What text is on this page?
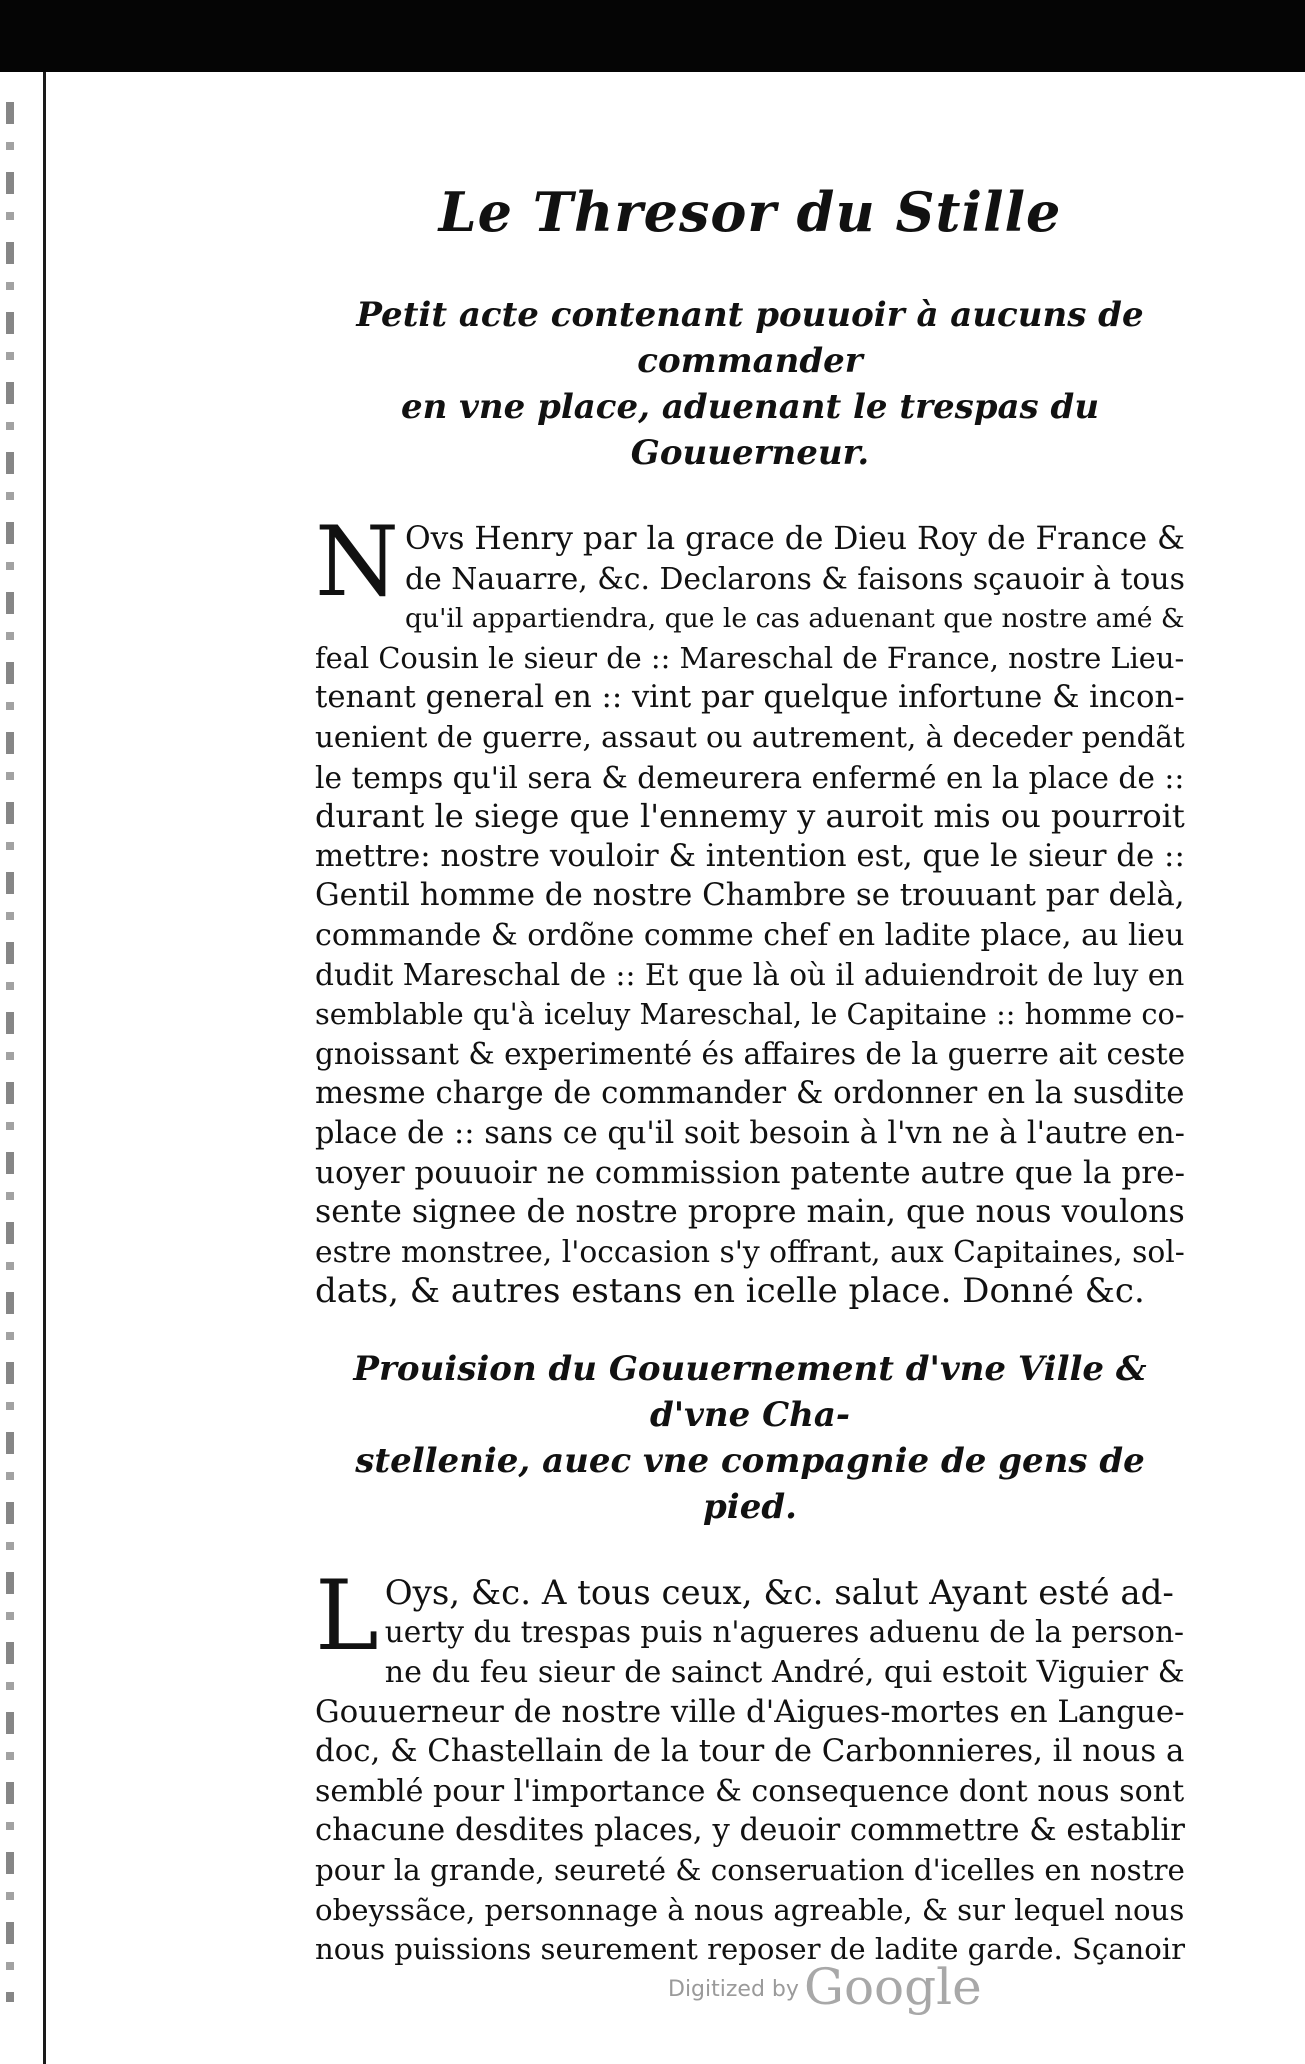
Le Thresor du Stille
Petit acte contenant pouuoir à aucuns de commander
en vne place, aduenant le trespas du
Gouuerneur.
N Ovs Henry par la grace de Dieu Roy de France &
de Nauarre, &c. Declarons & faisons sçauoir à tous
qu'il appartiendra, que le cas aduenant que nostre amé &
feal Cousin le sieur de :: Mareschal de France, nostre Lieu-
tenant general en :: vint par quelque infortune & incon-
uenient de guerre, assaut ou autrement, à deceder pendãt
le temps qu'il sera & demeurera enfermé en la place de ::
durant le siege que l'ennemy y auroit mis ou pourroit
mettre: nostre vouloir & intention est, que le sieur de ::
Gentil homme de nostre Chambre se trouuant par delà,
commande & ordõne comme chef en ladite place, au lieu
dudit Mareschal de :: Et que là où il aduiendroit de luy en
semblable qu'à iceluy Mareschal, le Capitaine :: homme co-
gnoissant & experimenté és affaires de la guerre ait ceste
mesme charge de commander & ordonner en la susdite
place de :: sans ce qu'il soit besoin à l'vn ne à l'autre en-
uoyer pouuoir ne commission patente autre que la pre-
sente signee de nostre propre main, que nous voulons
estre monstree, l'occasion s'y offrant, aux Capitaines, sol-
dats, & autres estans en icelle place. Donné &c.
Prouision du Gouuernement d'vne Ville & d'vne Cha-
stellenie, auec vne compagnie de gens de pied.
L Oys, &c. A tous ceux, &c. salut Ayant esté ad-
uerty du trespas puis n'agueres aduenu de la person-
ne du feu sieur de sainct André, qui estoit Viguier &
Gouuerneur de nostre ville d'Aigues-mortes en Langue-
doc, & Chastellain de la tour de Carbonnieres, il nous a
semblé pour l'importance & consequence dont nous sont
chacune desdites places, y deuoir commettre & establir
pour la grande, seureté & conseruation d'icelles en nostre
obeyssãce, personnage à nous agreable, & sur lequel nous
nous puissions seurement reposer de ladite garde. Sçanoir
Digitized by Google
